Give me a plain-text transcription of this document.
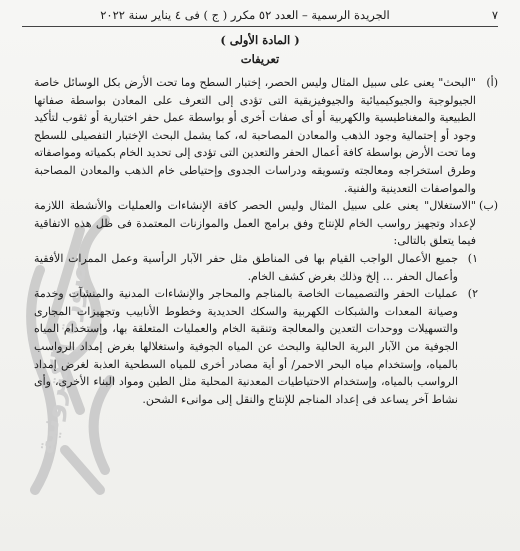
صورة إلكترونية
٧
الجريدة الرسمية – العدد ٥٢ مكرر ( ج ) فى ٤ يناير سنة ٢٠٢٢
( المادة الأولى )
تعريفات

(أ)
"البحث" يعنى على سبيل المثال وليس الحصر، إختبار السطح وما تحت الأرض بكل الوسائل خاصة الجيولوجية والجيوكيميائية والجيوفيزيقية التى تؤدى إلى التعرف على المعادن بواسطة صفاتها الطبيعية والمغناطيسية والكهربية أو أى صفات أخرى أو بواسطة عمل حفر اختبارية أو ثقوب لتأكيد وجود أو إحتمالية وجود الذهب والمعادن المصاحبة له، كما يشمل البحث الإختبار التفصيلى للسطح وما تحت الأرض بواسطة كافة أعمال الحفر والتعدين التى تؤدى إلى تحديد الخام بكمياته ومواصفاته وطرق استخراجه ومعالجته وتسويقه ودراسات الجدوى وإحتياطى خام الذهب والمعادن المصاحبة والمواصفات التعدينية والفنية.

(ب)
"الاستغلال" يعنى على سبيل المثال وليس الحصر كافة الإنشاءات والعمليات والأنشطة اللازمة لإعداد وتجهيز رواسب الخام للإنتاج وفق برامج العمل والموازنات المعتمدة فى ظل هذه الاتفاقية فيما يتعلق بالتالى:

١)
جميع الأعمال الواجب القيام بها فى المناطق مثل حفر الآبار الرأسية وعمل الممرات الأفقية وأعمال الحفر ... إلخ وذلك بغرض كشف الخام.

٢)
عمليات الحفر والتصميمات الخاصة بالمناجم والمحاجر والإنشاءات المدنية والمنشآت وخدمة وصيانة المعدات والشبكات الكهربية والسكك الحديدية وخطوط الأنابيب وتجهيزات المجارى والتسهيلات ووحدات التعدين والمعالجة وتنقية الخام والعمليات المتعلقة بها، وإستخدام المياه الجوفية من الآبار البرية الحالية والبحث عن المياه الجوفية واستغلالها بغرض إمداد الرواسب بالمياه، وإستخدام مياه البحر الاحمر/ أو أية مصادر أخرى للمياه السطحية العذبة لغرض إمداد الرواسب بالمياه، وإستخدام الاحتياطيات المعدنية المحلية مثل الطين ومواد البناء الأخرى، وأى نشاط آخر يساعد فى إعداد المناجم للإنتاج والنقل إلى موانىء الشحن.
